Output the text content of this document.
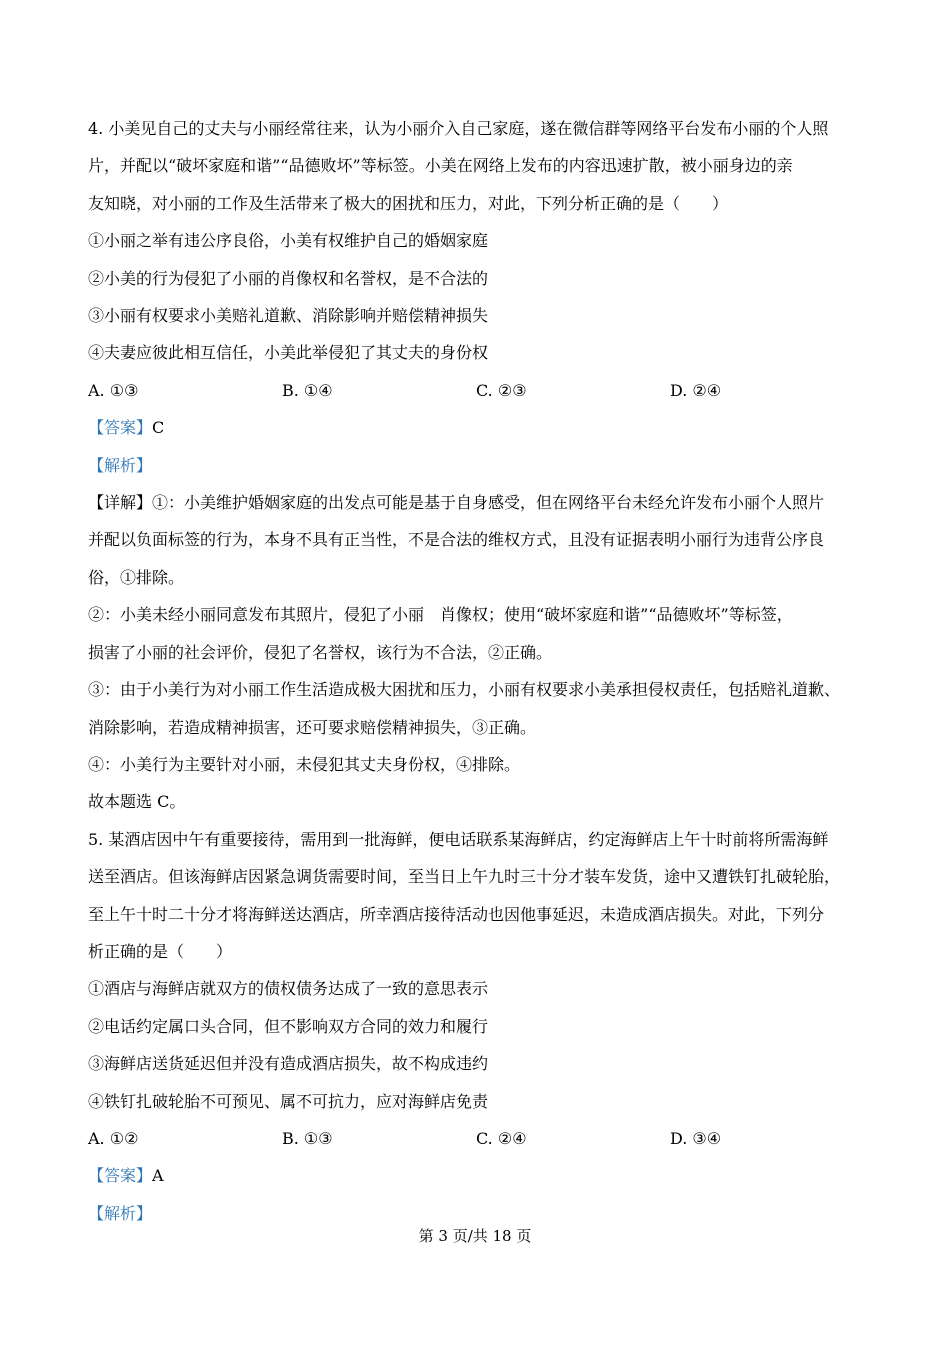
4. 小美见自己的丈夫与小丽经常往来，认为小丽介入自己家庭，遂在微信群等网络平台发布小丽的个人照
片，并配以“破坏家庭和谐”“品德败坏”等标签。小美在网络上发布的内容迅速扩散，被小丽身边的亲
友知晓，对小丽的工作及生活带来了极大的困扰和压力，对此，下列分析正确的是（　　）
①小丽之举有违公序良俗，小美有权维护自己的婚姻家庭
②小美的行为侵犯了小丽的肖像权和名誉权，是不合法的
③小丽有权要求小美赔礼道歉、消除影响并赔偿精神损失
④夫妻应彼此相互信任，小美此举侵犯了其丈夫的身份权
A. ①③	B. ①④	C. ②③	D. ②④
【答案】C
【解析】
【详解】①：小美维护婚姻家庭的出发点可能是基于自身感受，但在网络平台未经允许发布小丽个人照片
并配以负面标签的行为，本身不具有正当性，不是合法的维权方式，且没有证据表明小丽行为违背公序良
俗，①排除。
②：小美未经小丽同意发布其照片，侵犯了小丽　肖像权；使用“破坏家庭和谐”“品德败坏”等标签，
损害了小丽的社会评价，侵犯了名誉权，该行为不合法，②正确。
③：由于小美行为对小丽工作生活造成极大困扰和压力，小丽有权要求小美承担侵权责任，包括赔礼道歉、
消除影响，若造成精神损害，还可要求赔偿精神损失，③正确。
④：小美行为主要针对小丽，未侵犯其丈夫身份权，④排除。
故本题选 C。
5. 某酒店因中午有重要接待，需用到一批海鲜，便电话联系某海鲜店，约定海鲜店上午十时前将所需海鲜
送至酒店。但该海鲜店因紧急调货需要时间，至当日上午九时三十分才装车发货，途中又遭铁钉扎破轮胎，
至上午十时二十分才将海鲜送达酒店，所幸酒店接待活动也因他事延迟，未造成酒店损失。对此，下列分
析正确的是（　　）
①酒店与海鲜店就双方的债权债务达成了一致的意思表示
②电话约定属口头合同，但不影响双方合同的效力和履行
③海鲜店送货延迟但并没有造成酒店损失，故不构成违约
④铁钉扎破轮胎不可预见、属不可抗力，应对海鲜店免责
A. ①②	B. ①③	C. ②④	D. ③④
【答案】A
【解析】
第 3 页/共 18 页
